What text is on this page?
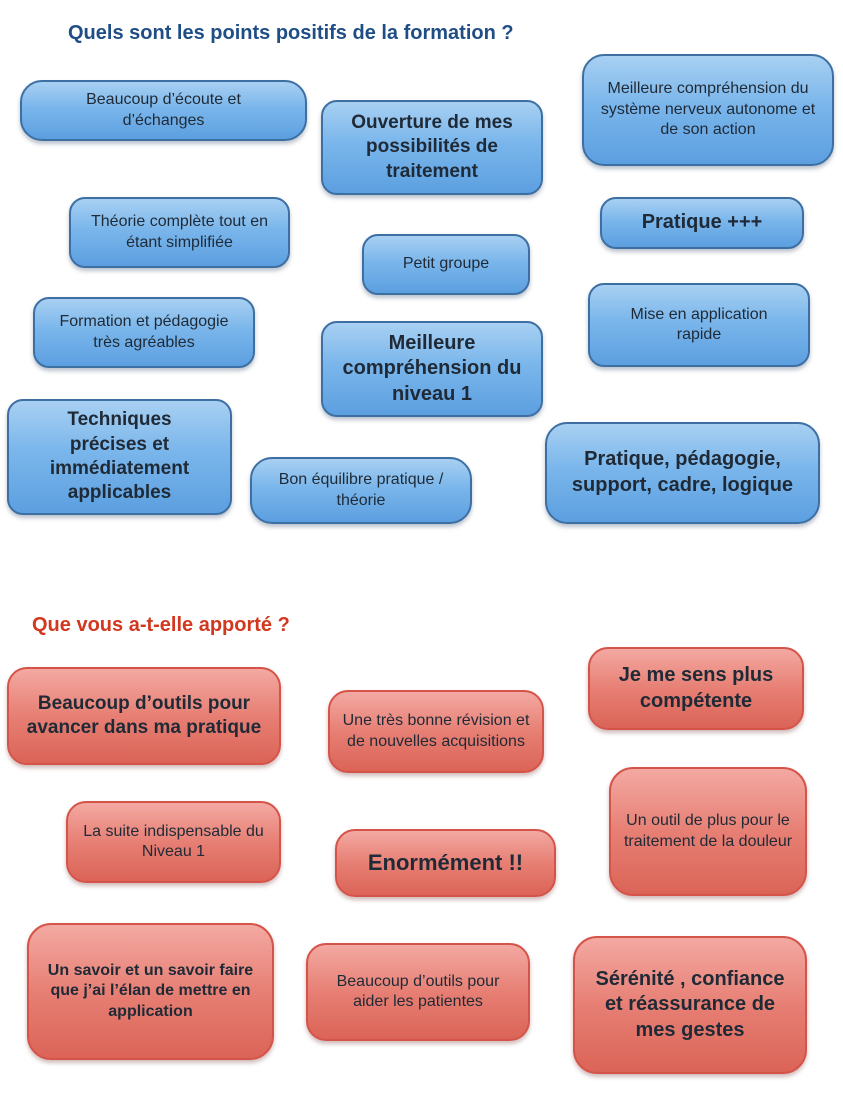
Quels sont les points positifs de la formation ?
Beaucoup d’écoute et d’échanges	Ouverture de mes possibilités de traitement
Meilleure compréhension du système nerveux autonome et de son action
Théorie complète tout en étant simplifiée
Petit groupe
Pratique +++
Formation et pédagogie très agréables	Meilleure compréhension du niveau 1
Mise en application rapide
Techniques précises et immédiatement applicables
Bon équilibre pratique / théorie
Pratique, pédagogie, support, cadre, logique
Que vous a-t-elle apporté ?
Beaucoup d’outils pour avancer dans ma pratique	Une très bonne révision et de nouvelles acquisitions
Je me sens plus compétente
La suite indispensable du Niveau 1	Enormément !!
Un outil de plus pour le traitement de la douleur
Un savoir et un savoir faire que j’ai l’élan de mettre en application
Beaucoup d’outils pour aider les patientes
Sérénité , confiance et réassurance de mes gestes
